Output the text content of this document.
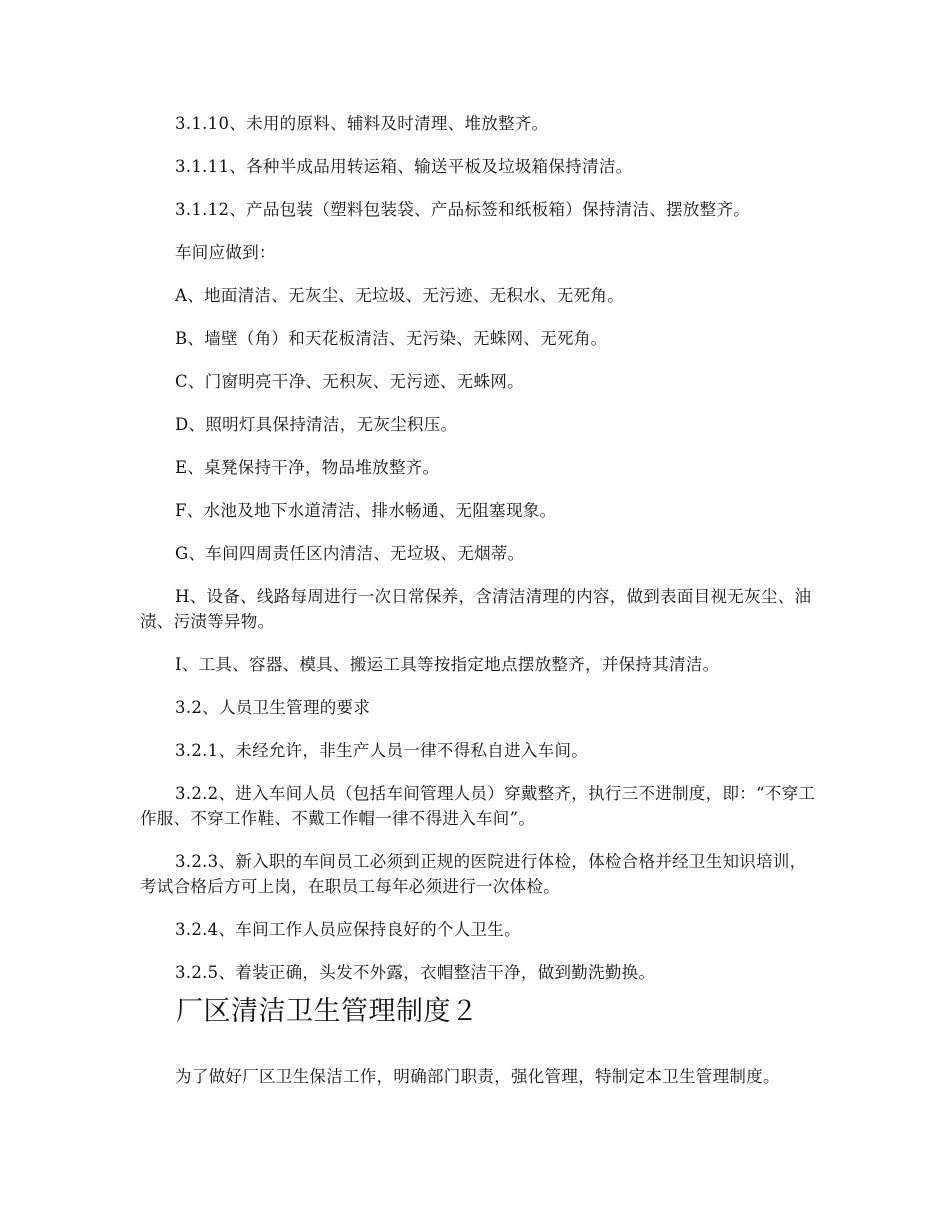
3.1.10、未用的原料、辅料及时清理、堆放整齐。

3.1.11、各种半成品用转运箱、输送平板及垃圾箱保持清洁。

3.1.12、产品包装（塑料包装袋、产品标签和纸板箱）保持清洁、摆放整齐。

车间应做到：

A、地面清洁、无灰尘、无垃圾、无污迹、无积水、无死角。

B、墙壁（角）和天花板清洁、无污染、无蛛网、无死角。

C、门窗明亮干净、无积灰、无污迹、无蛛网。

D、照明灯具保持清洁，无灰尘积压。

E、桌凳保持干净，物品堆放整齐。

F、水池及地下水道清洁、排水畅通、无阻塞现象。

G、车间四周责任区内清洁、无垃圾、无烟蒂。

H、设备、线路每周进行一次日常保养，含清洁清理的内容，做到表面目视无灰尘、油渍、污渍等异物。

I、工具、容器、模具、搬运工具等按指定地点摆放整齐，并保持其清洁。

3.2、人员卫生管理的要求

3.2.1、未经允许，非生产人员一律不得私自进入车间。

3.2.2、进入车间人员（包括车间管理人员）穿戴整齐，执行三不进制度，即：“不穿工作服、不穿工作鞋、不戴工作帽一律不得进入车间”。

3.2.3、新入职的车间员工必须到正规的医院进行体检，体检合格并经卫生知识培训，考试合格后方可上岗，在职员工每年必须进行一次体检。

3.2.4、车间工作人员应保持良好的个人卫生。

3.2.5、着装正确，头发不外露，衣帽整洁干净，做到勤洗勤换。

厂区清洁卫生管理制度２

为了做好厂区卫生保洁工作，明确部门职责，强化管理，特制定本卫生管理制度。
